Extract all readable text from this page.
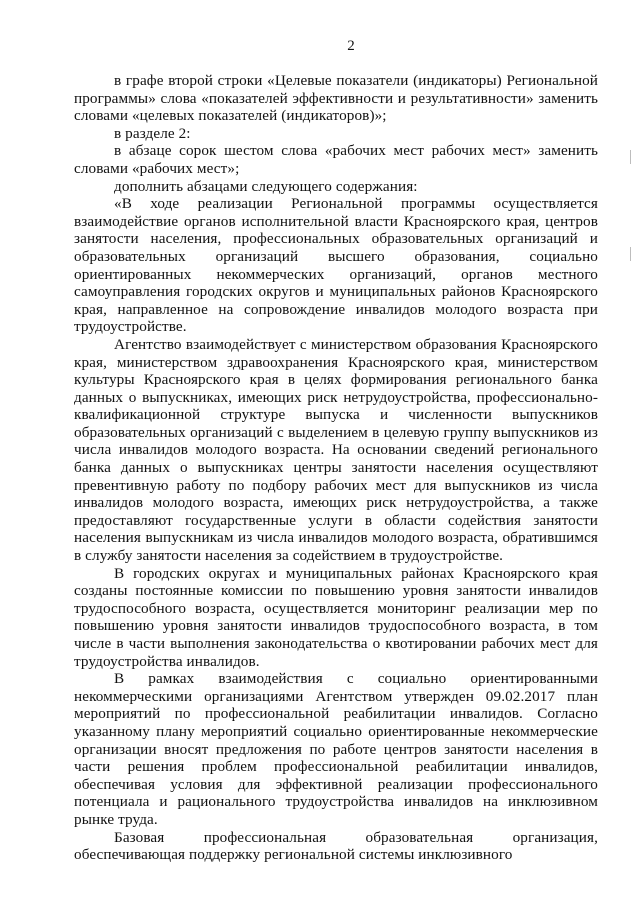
2

в графе второй строки «Целевые показатели (индикаторы) Региональной программы» слова «показателей эффективности и результативности» заменить словами «целевых показателей (индикаторов)»;

в разделе 2:

в абзаце сорок шестом слова «рабочих мест рабочих мест» заменить словами «рабочих мест»;

дополнить абзацами следующего содержания:

«В ходе реализации Региональной программы осуществляется взаимодействие органов исполнительной власти Красноярского края, центров занятости населения, профессиональных образовательных организаций и образовательных организаций высшего образования, социально ориентированных некоммерческих организаций, органов местного самоуправления городских округов и муниципальных районов Красноярского края, направленное на сопровождение инвалидов молодого возраста при трудоустройстве.

Агентство взаимодействует с министерством образования Красноярского края, министерством здравоохранения Красноярского края, министерством культуры Красноярского края в целях формирования регионального банка данных о выпускниках, имеющих риск нетрудоустройства, профессионально-квалификационной структуре выпуска и численности выпускников образовательных организаций с выделением в целевую группу выпускников из числа инвалидов молодого возраста. На основании сведений регионального банка данных о выпускниках центры занятости населения осуществляют превентивную работу по подбору рабочих мест для выпускников из числа инвалидов молодого возраста, имеющих риск нетрудоустройства, а также предоставляют государственные услуги в области содействия занятости населения выпускникам из числа инвалидов молодого возраста, обратившимся в службу занятости населения за содействием в трудоустройстве.

В городских округах и муниципальных районах Красноярского края созданы постоянные комиссии по повышению уровня занятости инвалидов трудоспособного возраста, осуществляется мониторинг реализации мер по повышению уровня занятости инвалидов трудоспособного возраста, в том числе в части выполнения законодательства о квотировании рабочих мест для трудоустройства инвалидов.

В рамках взаимодействия с социально ориентированными некоммерческими организациями Агентством утвержден 09.02.2017 план мероприятий по профессиональной реабилитации инвалидов. Согласно указанному плану мероприятий социально ориентированные некоммерческие организации вносят предложения по работе центров занятости населения в части решения проблем профессиональной реабилитации инвалидов, обеспечивая условия для эффективной реализации профессионального потенциала и рационального трудоустройства инвалидов на инклюзивном рынке труда.

Базовая профессиональная образовательная организация, обеспечивающая поддержку региональной системы инклюзивного
